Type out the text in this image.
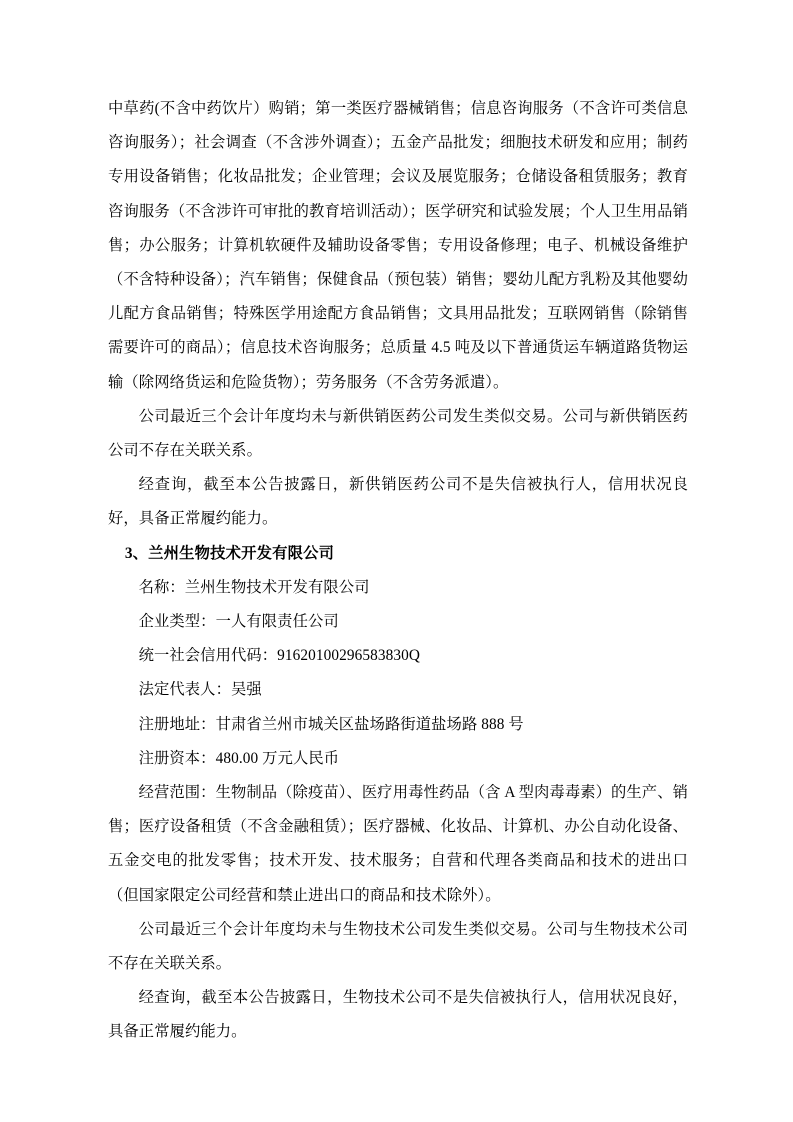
中草药(不含中药饮片）购销；第一类医疗器械销售；信息咨询服务（不含许可类信息咨询服务）；社会调查（不含涉外调查）；五金产品批发；细胞技术研发和应用；制药专用设备销售；化妆品批发；企业管理；会议及展览服务；仓储设备租赁服务；教育咨询服务（不含涉许可审批的教育培训活动）；医学研究和试验发展；个人卫生用品销售；办公服务；计算机软硬件及辅助设备零售；专用设备修理；电子、机械设备维护（不含特种设备）；汽车销售；保健食品（预包装）销售；婴幼儿配方乳粉及其他婴幼儿配方食品销售；特殊医学用途配方食品销售；文具用品批发；互联网销售（除销售需要许可的商品）；信息技术咨询服务；总质量 4.5 吨及以下普通货运车辆道路货物运输（除网络货运和危险货物）；劳务服务（不含劳务派遣）。

公司最近三个会计年度均未与新供销医药公司发生类似交易。公司与新供销医药公司不存在关联关系。

经查询，截至本公告披露日，新供销医药公司不是失信被执行人，信用状况良好，具备正常履约能力。

3、兰州生物技术开发有限公司

名称：兰州生物技术开发有限公司

企业类型：一人有限责任公司

统一社会信用代码：91620100296583830Q

法定代表人：吴强

注册地址：甘肃省兰州市城关区盐场路街道盐场路 888 号

注册资本：480.00 万元人民币

经营范围：生物制品（除疫苗）、医疗用毒性药品（含 A 型肉毒毒素）的生产、销售；医疗设备租赁（不含金融租赁）；医疗器械、化妆品、计算机、办公自动化设备、五金交电的批发零售；技术开发、技术服务；自营和代理各类商品和技术的进出口（但国家限定公司经营和禁止进出口的商品和技术除外）。

公司最近三个会计年度均未与生物技术公司发生类似交易。公司与生物技术公司不存在关联关系。

经查询，截至本公告披露日，生物技术公司不是失信被执行人，信用状况良好，具备正常履约能力。
